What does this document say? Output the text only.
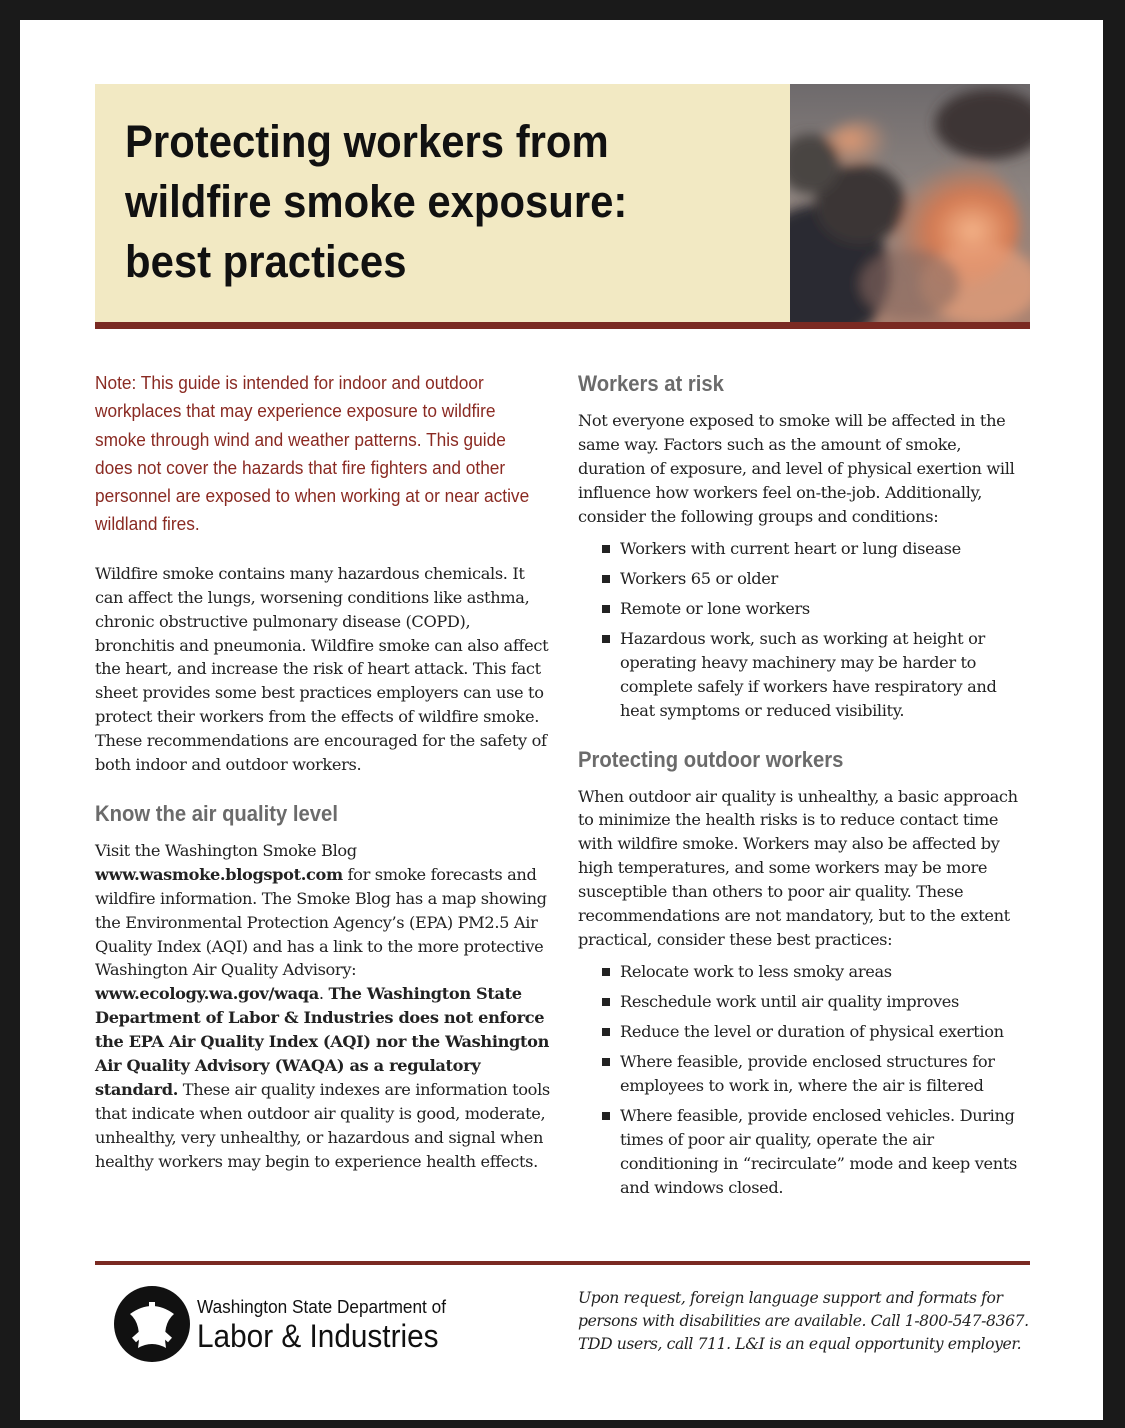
Protecting workers from
wildfire smoke exposure:
best practices

Note: This guide is intended for indoor and outdoor workplaces that may experience exposure to wildfire smoke through wind and weather patterns. This guide does not cover the hazards that fire fighters and other personnel are exposed to when working at or near active wildland fires.

Wildfire smoke contains many hazardous chemicals. It can affect the lungs, worsening conditions like asthma, chronic obstructive pulmonary disease (COPD), bronchitis and pneumonia. Wildfire smoke can also affect the heart, and increase the risk of heart attack. This fact sheet provides some best practices employers can use to protect their workers from the effects of wildfire smoke. These recommendations are encouraged for the safety of both indoor and outdoor workers.

Know the air quality level

Visit the Washington Smoke Blog www.wasmoke.blogspot.com for smoke forecasts and wildfire information. The Smoke Blog has a map showing the Environmental Protection Agency’s (EPA) PM2.5 Air Quality Index (AQI) and has a link to the more protective Washington Air Quality Advisory: www.ecology.wa.gov/waqa. The Washington State Department of Labor & Industries does not enforce the EPA Air Quality Index (AQI) nor the Washington Air Quality Advisory (WAQA) as a regulatory standard. These air quality indexes are information tools that indicate when outdoor air quality is good, moderate, unhealthy, very unhealthy, or hazardous and signal when healthy workers may begin to experience health effects.

Workers at risk

Not everyone exposed to smoke will be affected in the same way. Factors such as the amount of smoke, duration of exposure, and level of physical exertion will influence how workers feel on-the-job. Additionally, consider the following groups and conditions:

Workers with current heart or lung disease
Workers 65 or older
Remote or lone workers
Hazardous work, such as working at height or operating heavy machinery may be harder to complete safely if workers have respiratory and heat symptoms or reduced visibility.
Protecting outdoor workers

When outdoor air quality is unhealthy, a basic approach to minimize the health risks is to reduce contact time with wildfire smoke. Workers may also be affected by high temperatures, and some workers may be more susceptible than others to poor air quality. These recommendations are not mandatory, but to the extent practical, consider these best practices:

Relocate work to less smoky areas
Reschedule work until air quality improves
Reduce the level or duration of physical exertion
Where feasible, provide enclosed structures for employees to work in, where the air is filtered
Where feasible, provide enclosed vehicles. During times of poor air quality, operate the air conditioning in “recirculate” mode and keep vents and windows closed.

Washington State Department of

Labor & Industries

Upon request, foreign language support and formats for persons with disabilities are available. Call 1-800-547-8367. TDD users, call 711. L&I is an equal opportunity employer.
